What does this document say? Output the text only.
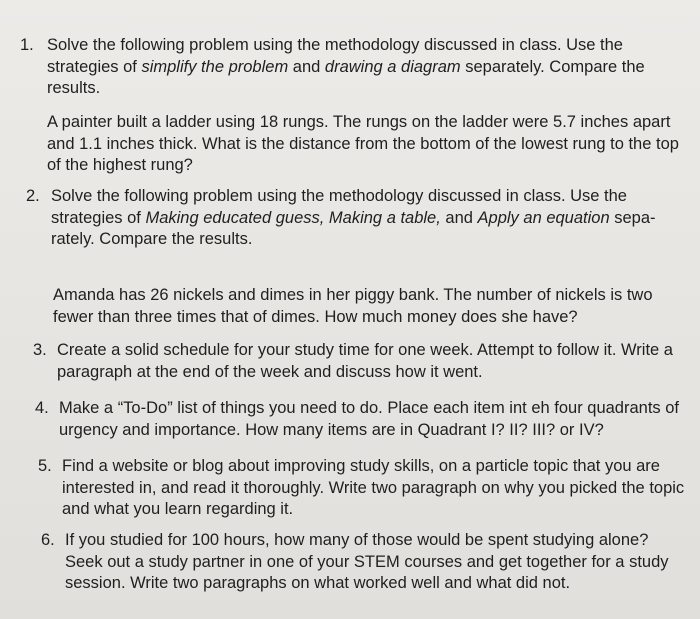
1. Solve the following problem using the methodology discussed in class. Use the strategies of simplify the problem and drawing a diagram separately. Compare the results.
A painter built a ladder using 18 rungs. The rungs on the ladder were 5.7 inches apart and 1.1 inches thick. What is the distance from the bottom of the lowest rung to the top of the highest rung?
2. Solve the following problem using the methodology discussed in class. Use the strategies of Making educated guess, Making a table, and Apply an equation sepa-rately. Compare the results.
Amanda has 26 nickels and dimes in her piggy bank. The number of nickels is two fewer than three times that of dimes. How much money does she have?
3. Create a solid schedule for your study time for one week. Attempt to follow it. Write a paragraph at the end of the week and discuss how it went.
4. Make a “To-Do” list of things you need to do. Place each item int eh four quadrants of urgency and importance. How many items are in Quadrant I? II? III? or IV?
5. Find a website or blog about improving study skills, on a particle topic that you are interested in, and read it thoroughly. Write two paragraph on why you picked the topic and what you learn regarding it.
6. If you studied for 100 hours, how many of those would be spent studying alone? Seek out a study partner in one of your STEM courses and get together for a study session. Write two paragraphs on what worked well and what did not.
